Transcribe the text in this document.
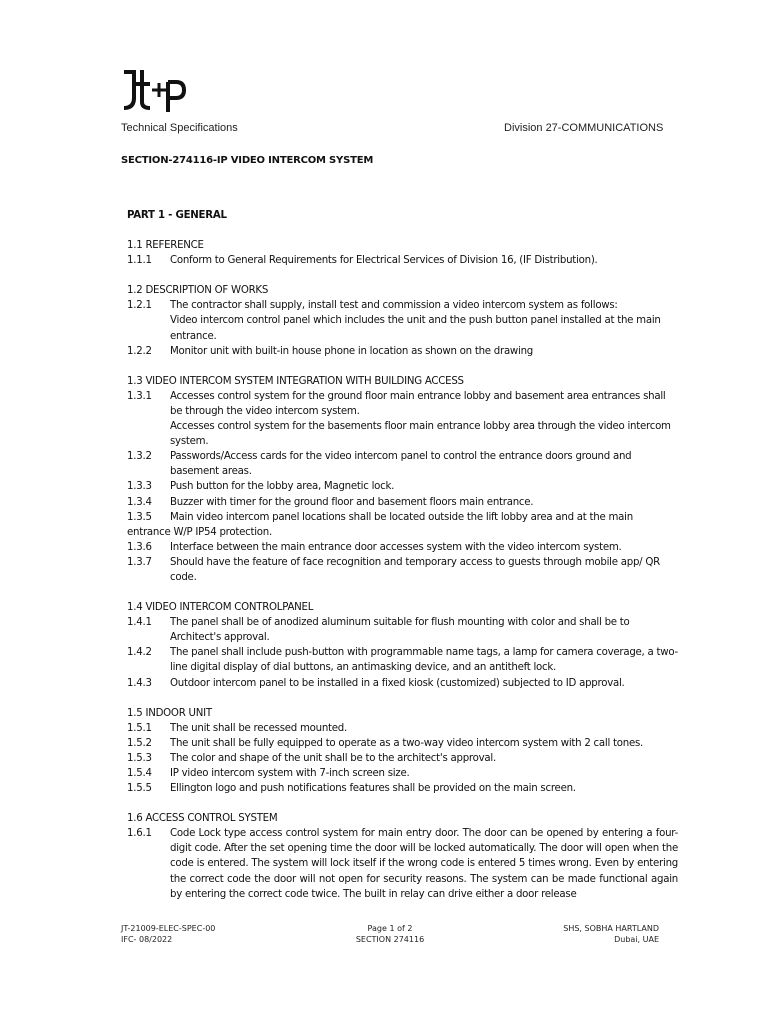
Technical Specifications	Division 27-COMMUNICATIONS
SECTION-274116-IP VIDEO INTERCOM SYSTEM
PART 1 - GENERAL
1.1 REFERENCE
1.1.1	Conform to General Requirements for Electrical Services of Division 16, (IF Distribution).
1.2 DESCRIPTION OF WORKS
1.2.1	The contractor shall supply, install test and commission a video intercom system as follows:
Video intercom control panel which includes the unit and the push button panel installed at the main entrance.
1.2.2	Monitor unit with built-in house phone in location as shown on the drawing
1.3 VIDEO INTERCOM SYSTEM INTEGRATION WITH BUILDING ACCESS
1.3.1	Accesses control system for the ground floor main entrance lobby and basement area entrances shall be through the video intercom system.
Accesses control system for the basements floor main entrance lobby area through the video intercom system.
1.3.2	Passwords/Access cards for the video intercom panel to control the entrance doors ground and basement areas.
1.3.3	Push button for the lobby area, Magnetic lock.
1.3.4	Buzzer with timer for the ground floor and basement floors main entrance.
1.3.5	Main video intercom panel locations shall be located outside the lift lobby area and at the main
entrance W/P IP54 protection.
1.3.6	Interface between the main entrance door accesses system with the video intercom system.
1.3.7	Should have the feature of face recognition and temporary access to guests through mobile app/ QR code.
1.4 VIDEO INTERCOM CONTROLPANEL
1.4.1	The panel shall be of anodized aluminum suitable for flush mounting with color and shall be to Architect's approval.
1.4.2	The panel shall include push-button with programmable name tags, a lamp for camera coverage, a two-line digital display of dial buttons, an antimasking device, and an antitheft lock.
1.4.3	Outdoor intercom panel to be installed in a fixed kiosk (customized) subjected to ID approval.
1.5 INDOOR UNIT
1.5.1	The unit shall be recessed mounted.
1.5.2	The unit shall be fully equipped to operate as a two-way video intercom system with 2 call tones.
1.5.3	The color and shape of the unit shall be to the architect's approval.
1.5.4	IP video intercom system with 7-inch screen size.
1.5.5	Ellington logo and push notifications features shall be provided on the main screen.
1.6 ACCESS CONTROL SYSTEM
1.6.1	Code Lock type access control system for main entry door. The door can be opened by entering a four-digit code. After the set opening time the door will be locked automatically. The door will open when the code is entered. The system will lock itself if the wrong code is entered 5 times wrong. Even by entering the correct code the door will not open for security reasons. The system can be made functional again by entering the correct code twice. The built in relay can drive either a door release
JT-21009-ELEC-SPEC-00
IFC- 08/2022
Page 1 of 2
SECTION 274116
SHS, SOBHA HARTLAND
Dubai, UAE
